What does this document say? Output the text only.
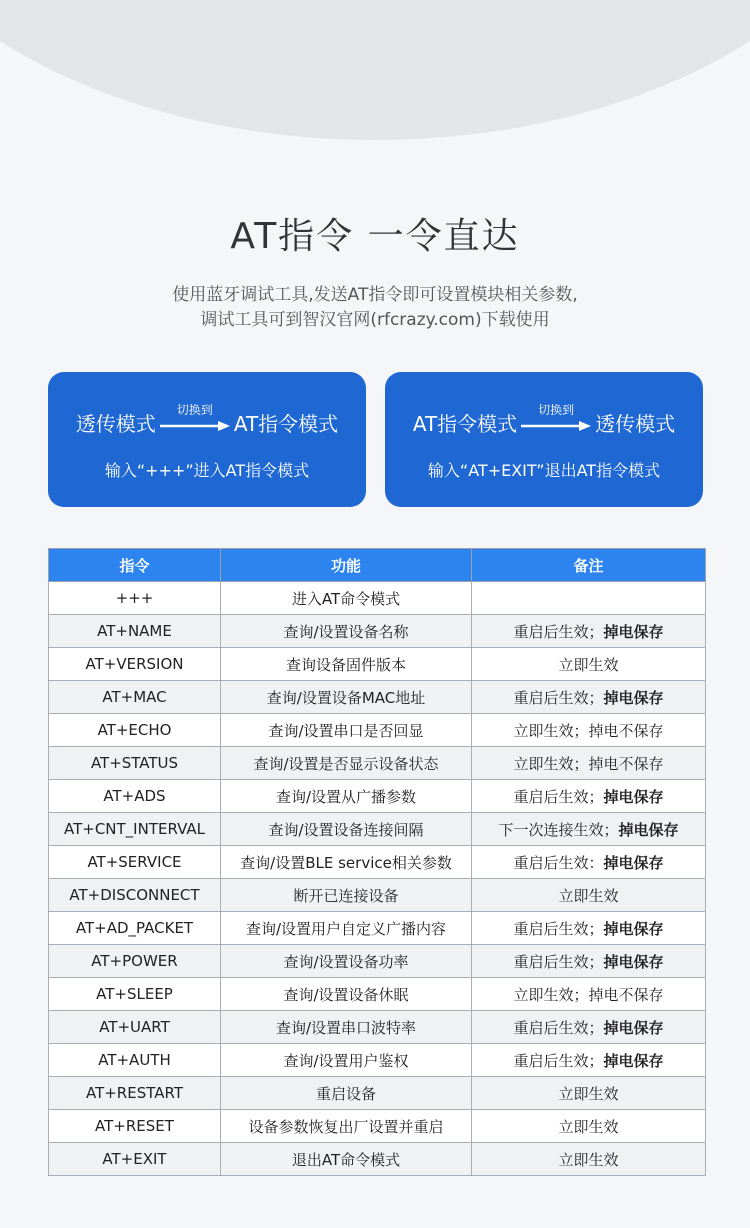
AT指令 一令直达
使用蓝牙调试工具,发送AT指令即可设置模块相关参数,
调试工具可到智汉官网(rfcrazy.com)下载使用
透传模式
切换到
AT指令模式
输入“+++”进入AT指令模式
AT指令模式
切换到
透传模式
输入“AT+EXIT”退出AT指令模式
指令	功能	备注
+++	进入AT命令模式	
AT+NAME	查询/设置设备名称	重启后生效；掉电保存
AT+VERSION	查询设备固件版本	立即生效
AT+MAC	查询/设置设备MAC地址	重启后生效；掉电保存
AT+ECHO	查询/设置串口是否回显	立即生效；掉电不保存
AT+STATUS	查询/设置是否显示设备状态	立即生效；掉电不保存
AT+ADS	查询/设置从广播参数	重启后生效；掉电保存
AT+CNT_INTERVAL	查询/设置设备连接间隔	下一次连接生效；掉电保存
AT+SERVICE	查询/设置BLE service相关参数	重启后生效：掉电保存
AT+DISCONNECT	断开已连接设备	立即生效
AT+AD_PACKET	查询/设置用户自定义广播内容	重启后生效；掉电保存
AT+POWER	查询/设置设备功率	重启后生效；掉电保存
AT+SLEEP	查询/设置设备休眠	立即生效；掉电不保存
AT+UART	查询/设置串口波特率	重启后生效；掉电保存
AT+AUTH	查询/设置用户鉴权	重启后生效；掉电保存
AT+RESTART	重启设备	立即生效
AT+RESET	设备参数恢复出厂设置并重启	立即生效
AT+EXIT	退出AT命令模式	立即生效
